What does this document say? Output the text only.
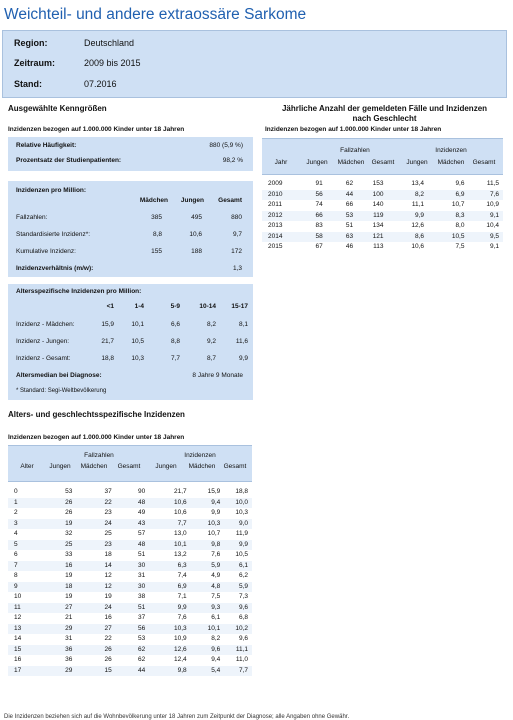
Weichteil- und andere extraossäre Sarkome
Region:	Deutschland
Zeitraum:	2009 bis 2015
Stand:	07.2016
Ausgewählte Kenngrößen
Inzidenzen bezogen auf 1.000.000 Kinder unter 18 Jahren
Relative Häufigkeit:	880 (5,9 %)
Prozentsatz der Studienpatienten:	98,2 %
Inzidenzen pro Million:
Mädchen	Jungen	Gesamt
Fallzahlen:	385	495	880
Standardisierte Inzidenz*:	8,8	10,6	9,7
Kumulative Inzidenz:	155	188	172
Inzidenzverhältnis (m/w):	1,3
Altersspezifische Inzidenzen pro Million:
<1	1-4	5-9	10-14	15-17
Inzidenz - Mädchen:	15,9	10,1	6,6	8,2	8,1
Inzidenz - Jungen:	21,7	10,5	8,8	9,2	11,6
Inzidenz - Gesamt:	18,8	10,3	7,7	8,7	9,9
Altersmedian bei Diagnose:	8 Jahre 9 Monate
* Standard: Segi-Weltbevölkerung
Jährliche Anzahl der gemeldeten Fälle und Inzidenzen
nach Geschlecht
Inzidenzen bezogen auf 1.000.000 Kinder unter 18 Jahren
Fallzahlen	Inzidenzen
Jahr	Jungen	Mädchen	Gesamt	Jungen	Mädchen	Gesamt
2009	91	62	153	13,4	9,6	11,5
2010	56	44	100	8,2	6,9	7,6
2011	74	66	140	11,1	10,7	10,9
2012	66	53	119	9,9	8,3	9,1
2013	83	51	134	12,6	8,0	10,4
2014	58	63	121	8,6	10,5	9,5
2015	67	46	113	10,6	7,5	9,1
Alters- und geschlechtsspezifische Inzidenzen
Inzidenzen bezogen auf 1.000.000 Kinder unter 18 Jahren
Fallzahlen	Inzidenzen
Alter	Jungen	Mädchen	Gesamt	Jungen	Mädchen	Gesamt
0	53	37	90	21,7	15,9	18,8
1	26	22	48	10,6	9,4	10,0
2	26	23	49	10,6	9,9	10,3
3	19	24	43	7,7	10,3	9,0
4	32	25	57	13,0	10,7	11,9
5	25	23	48	10,1	9,8	9,9
6	33	18	51	13,2	7,6	10,5
7	16	14	30	6,3	5,9	6,1
8	19	12	31	7,4	4,9	6,2
9	18	12	30	6,9	4,8	5,9
10	19	19	38	7,1	7,5	7,3
11	27	24	51	9,9	9,3	9,6
12	21	16	37	7,6	6,1	6,8
13	29	27	56	10,3	10,1	10,2
14	31	22	53	10,9	8,2	9,6
15	36	26	62	12,6	9,6	11,1
16	36	26	62	12,4	9,4	11,0
17	29	15	44	9,8	5,4	7,7
Die Inzidenzen beziehen sich auf die Wohnbevölkerung unter 18 Jahren zum Zeitpunkt der Diagnose; alle Angaben ohne Gewähr.
